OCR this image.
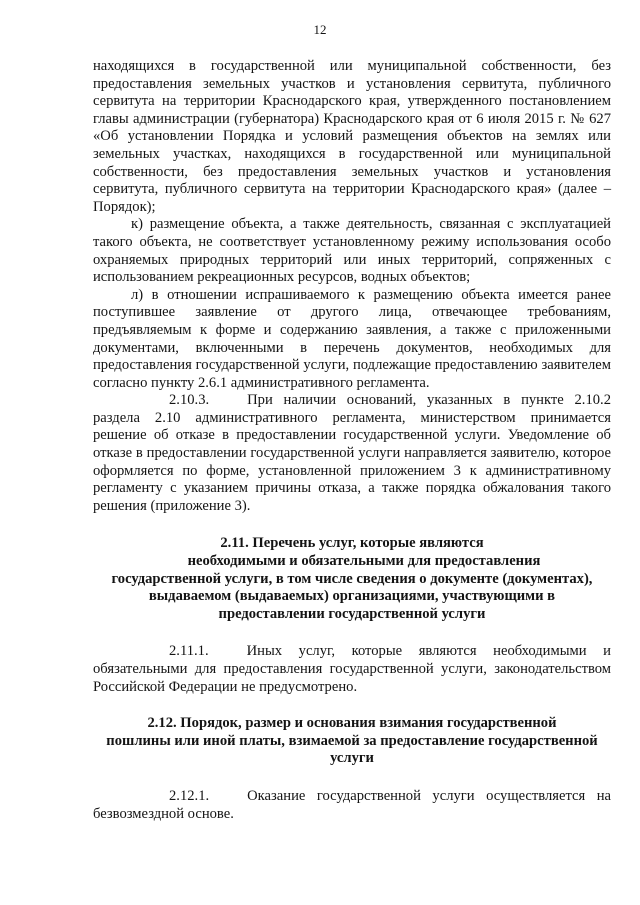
12

находящихся в государственной или муниципальной собственности, без предоставления земельных участков и установления сервитута, публичного сервитута на территории Краснодарского края, утвержденного постановлением главы администрации (губернатора) Краснодарского края от 6 июля 2015 г. № 627 «Об установлении Порядка и условий размещения объектов на землях или земельных участках, находящихся в государственной или муниципальной собственности, без предоставления земельных участков и установления сервитута, публичного сервитута на территории Краснодарского края» (далее – Порядок);

к) размещение объекта, а также деятельность, связанная с эксплуатацией такого объекта, не соответствует установленному режиму использования особо охраняемых природных территорий или иных территорий, сопряженных с использованием рекреационных ресурсов, водных объектов;

л) в отношении испрашиваемого к размещению объекта имеется ранее поступившее заявление от другого лица, отвечающее требованиям, предъявляемым к форме и содержанию заявления, а также с приложенными документами, включенными в перечень документов, необходимых для предоставления государственной услуги, подлежащие предоставлению заявителем согласно пункту 2.6.1 административного регламента.

2.10.3.	При наличии оснований, указанных в пункте 2.10.2 раздела 2.10 административного регламента, министерством принимается решение об отказе в предоставлении государственной услуги. Уведомление об отказе в предоставлении государственной услуги направляется заявителю, которое оформляется по форме, установленной приложением 3 к административному регламенту с указанием причины отказа, а также порядка обжалования такого решения (приложение 3).

2.11. Перечень услуг, которые являются
необходимыми и обязательными для предоставления
государственной услуги, в том числе сведения о документе (документах),
выдаваемом (выдаваемых) организациями, участвующими в
предоставлении государственной услуги

2.11.1.	Иных услуг, которые являются необходимыми и обязательными для предоставления государственной услуги, законодательством Российской Федерации не предусмотрено.

2.12. Порядок, размер и основания взимания государственной
пошлины или иной платы, взимаемой за предоставление государственной
услуги

2.12.1.	Оказание государственной услуги осуществляется на безвозмездной основе.
